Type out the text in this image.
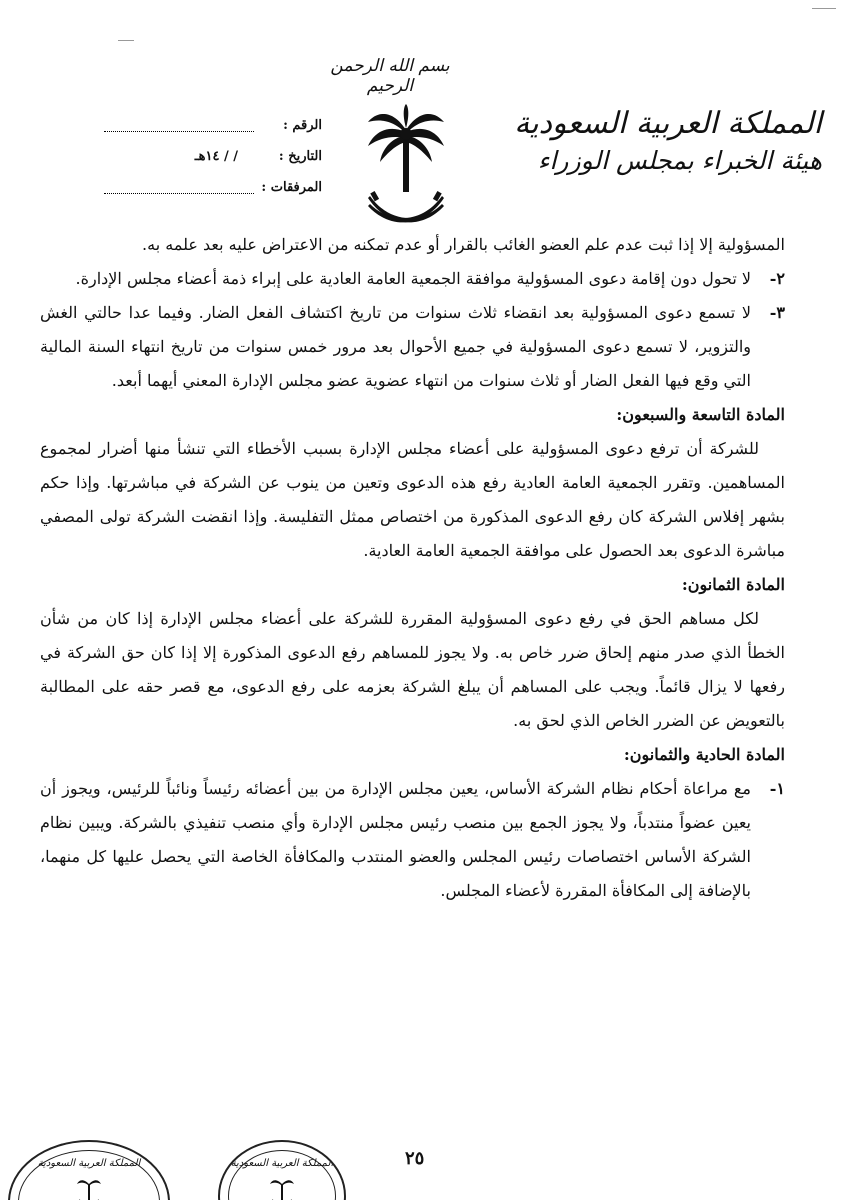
بسم الله الرحمن الرحيم
المملكة العربية السعودية
هيئة الخبراء بمجلس الوزراء
الرقم :
التاريخ :
/ / ١٤هـ
المرفقات :

المسؤولية إلا إذا ثبت عدم علم العضو الغائب بالقرار أو عدم تمكنه من الاعتراض عليه بعد علمه به.

٢-

لا تحول دون إقامة دعوى المسؤولية موافقة الجمعية العامة العادية على إبراء ذمة أعضاء مجلس الإدارة.

٣-

لا تسمع دعوى المسؤولية بعد انقضاء ثلاث سنوات من تاريخ اكتشاف الفعل الضار. وفيما عدا حالتي الغش والتزوير، لا تسمع دعوى المسؤولية في جميع الأحوال بعد مرور خمس سنوات من تاريخ انتهاء السنة المالية التي وقع فيها الفعل الضار أو ثلاث سنوات من انتهاء عضوية عضو مجلس الإدارة المعني أيهما أبعد.

المادة التاسعة والسبعون:

للشركة أن ترفع دعوى المسؤولية على أعضاء مجلس الإدارة بسبب الأخطاء التي تنشأ منها أضرار لمجموع المساهمين. وتقرر الجمعية العامة العادية رفع هذه الدعوى وتعين من ينوب عن الشركة في مباشرتها. وإذا حكم بشهر إفلاس الشركة كان رفع الدعوى المذكورة من اختصاص ممثل التفليسة. وإذا انقضت الشركة تولى المصفي مباشرة الدعوى بعد الحصول على موافقة الجمعية العامة العادية.

المادة الثمانون:

لكل مساهم الحق في رفع دعوى المسؤولية المقررة للشركة على أعضاء مجلس الإدارة إذا كان من شأن الخطأ الذي صدر منهم إلحاق ضرر خاص به. ولا يجوز للمساهم رفع الدعوى المذكورة إلا إذا كان حق الشركة في رفعها لا يزال قائماً. ويجب على المساهم أن يبلغ الشركة بعزمه على رفع الدعوى، مع قصر حقه على المطالبة بالتعويض عن الضرر الخاص الذي لحق به.

المادة الحادية والثمانون:

١-

مع مراعاة أحكام نظام الشركة الأساس، يعين مجلس الإدارة من بين أعضائه رئيساً ونائباً للرئيس، ويجوز أن يعين عضواً منتدباً، ولا يجوز الجمع بين منصب رئيس مجلس الإدارة وأي منصب تنفيذي بالشركة. ويبين نظام الشركة الأساس اختصاصات رئيس المجلس والعضو المنتدب والمكافأة الخاصة التي يحصل عليها كل منهما، بالإضافة إلى المكافأة المقررة لأعضاء المجلس.

٢٥
المملكة العربية السعودية	المملكة العربية السعودية
